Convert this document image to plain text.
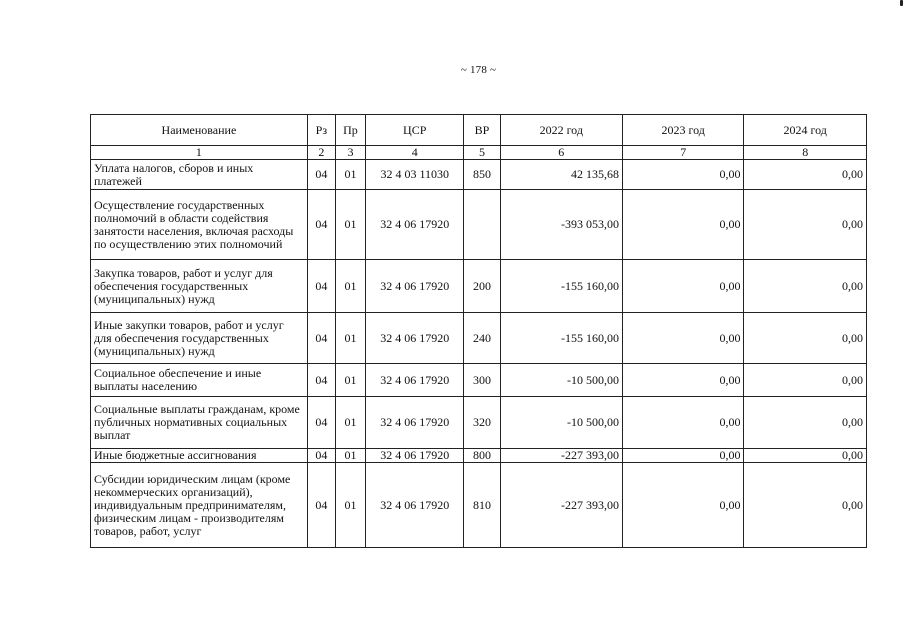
~ 178 ~
Наименование	Рз	Пр	ЦСР	ВР	2022 год	2023 год	2024 год
1	2	3	4	5	6	7	8
Уплата налогов, сборов и иных платежей	04	01	32 4 03 11030	850	42 135,68	0,00	0,00
Осуществление государственных полномочий в области содействия занятости населения, включая расходы по осуществлению этих полномочий	04	01	32 4 06 17920		-393 053,00	0,00	0,00
Закупка товаров, работ и услуг для обеспечения государственных (муниципальных) нужд	04	01	32 4 06 17920	200	-155 160,00	0,00	0,00
Иные закупки товаров, работ и услуг для обеспечения государственных (муниципальных) нужд	04	01	32 4 06 17920	240	-155 160,00	0,00	0,00
Социальное обеспечение и иные выплаты населению	04	01	32 4 06 17920	300	-10 500,00	0,00	0,00
Социальные выплаты гражданам, кроме публичных нормативных социальных выплат	04	01	32 4 06 17920	320	-10 500,00	0,00	0,00
Иные бюджетные ассигнования	04	01	32 4 06 17920	800	-227 393,00	0,00	0,00
Субсидии юридическим лицам (кроме некоммерческих организаций), индивидуальным предпринимателям, физическим лицам - производителям товаров, работ, услуг	04	01	32 4 06 17920	810	-227 393,00	0,00	0,00
